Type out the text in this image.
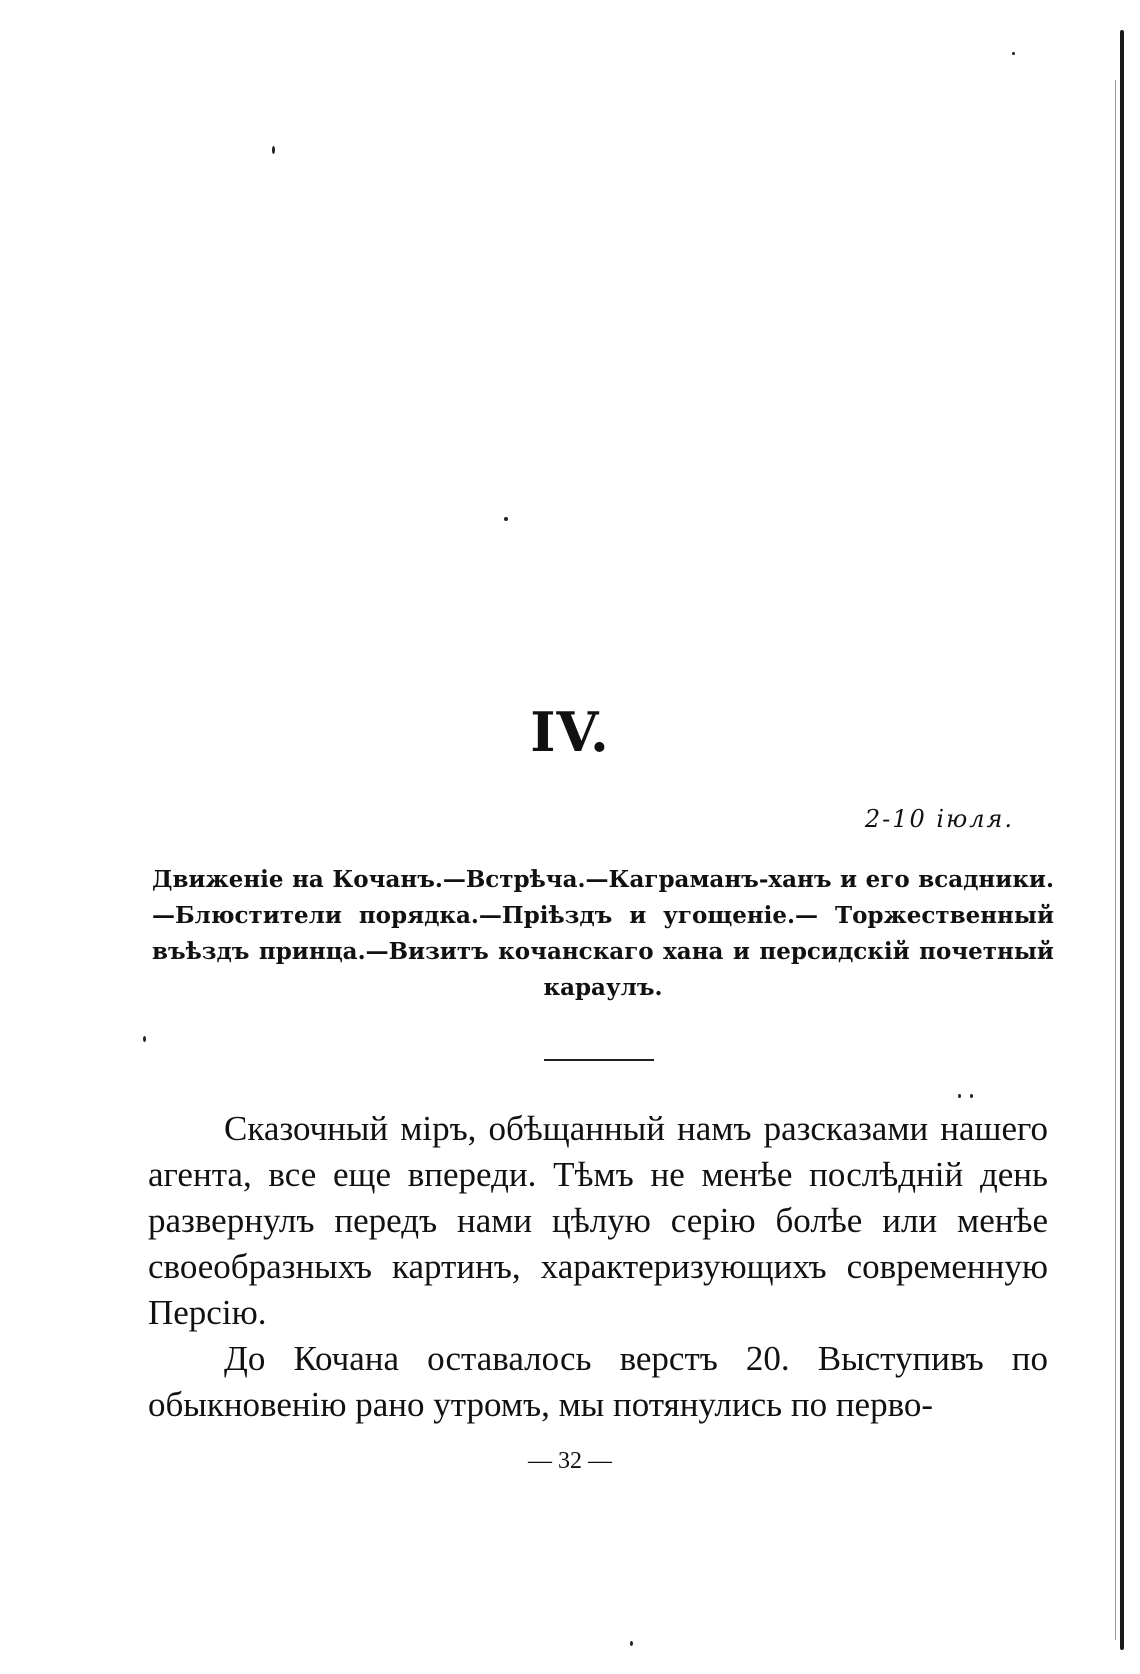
IV.
2-10 іюля.

Движеніе на Кочанъ.—Встрѣча.—Каграманъ-ханъ и его всадники.—Блюстители порядка.—Пріѣздъ и угощеніе.— Торжественный въѣздъ принца.—Визитъ кочанскаго хана и персидскій почетный караулъ.

Сказочный міръ, обѣщанный намъ разсказами нашего агента, все еще впереди. Тѣмъ не менѣе послѣдній день развернулъ передъ нами цѣлую серію болѣе или менѣе своеобразныхъ картинъ, характеризующихъ современную Персію.

До Кочана оставалось верстъ 20. Выступивъ по обыкновенію рано утромъ, мы потянулись по перво-

— 32 —
